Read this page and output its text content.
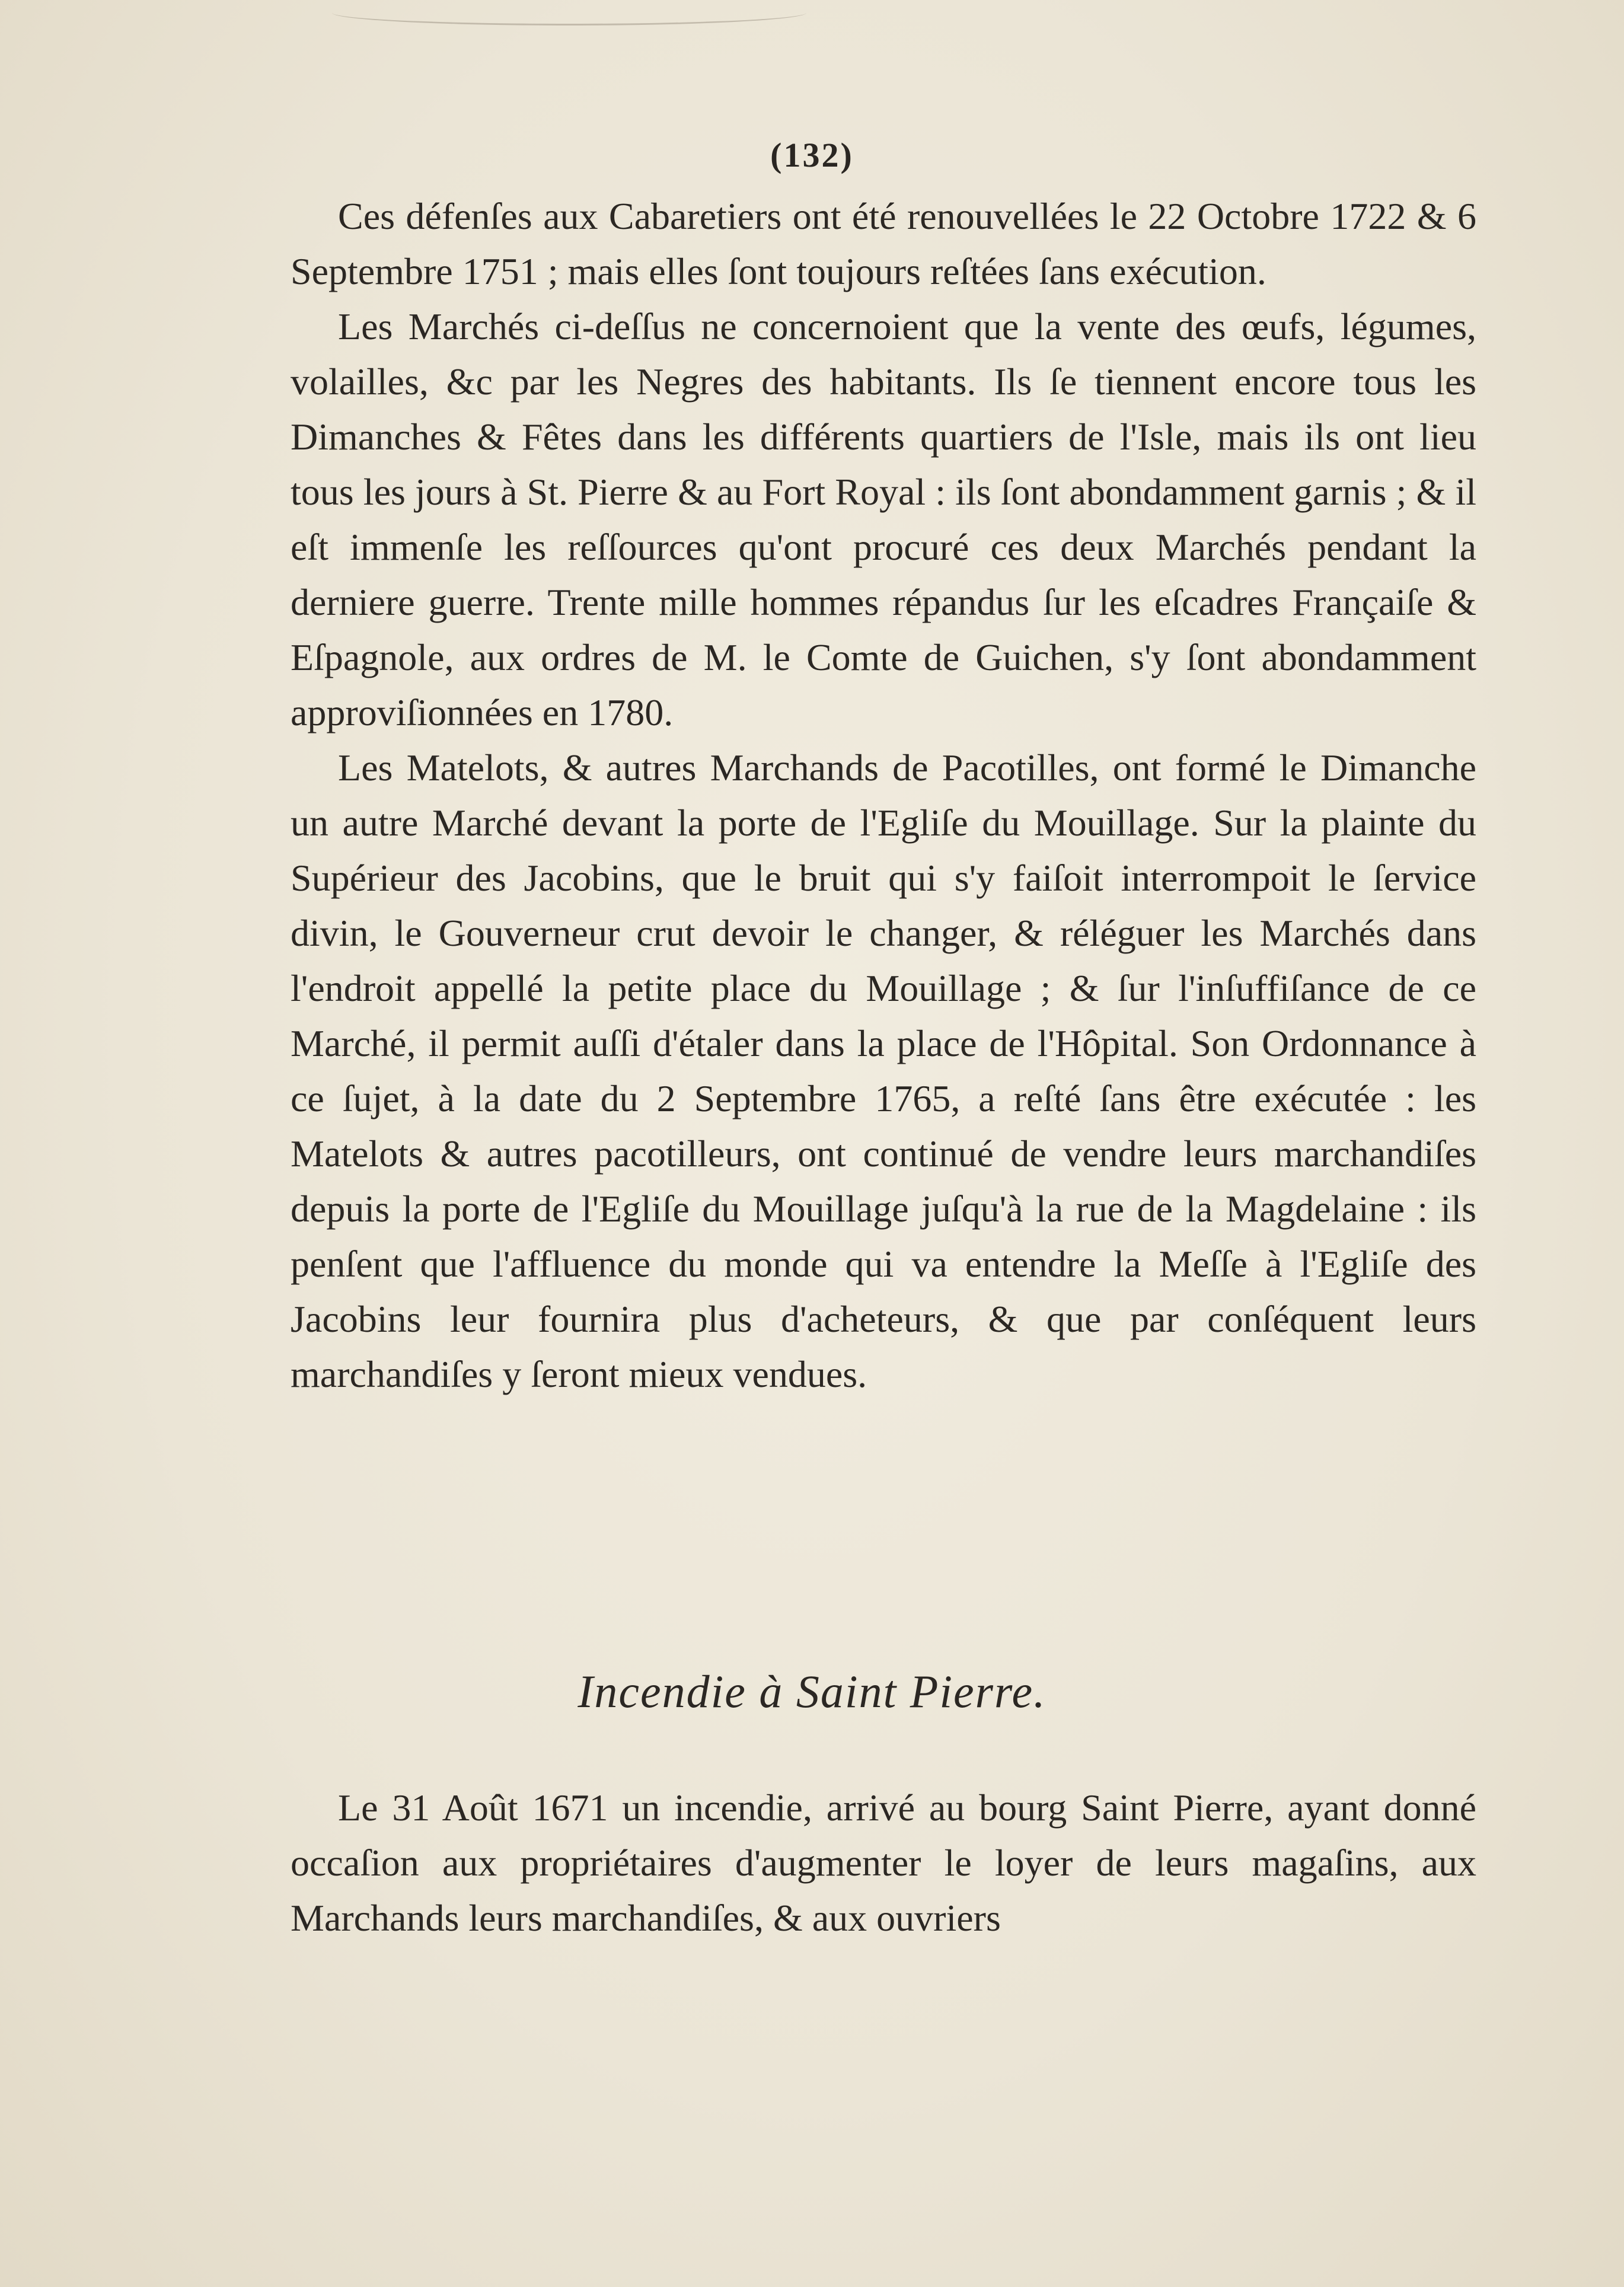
(132)

Ces défenſes aux Cabaretiers ont été renouvellées le 22 Octobre 1722 & 6 Septembre 1751 ; mais elles ſont toujours reſtées ſans exécution.

Les Marchés ci-deſſus ne concernoient que la vente des œufs, légumes, volailles, &c par les Negres des habitants. Ils ſe tiennent encore tous les Dimanches & Fêtes dans les différents quartiers de l'Isle, mais ils ont lieu tous les jours à St. Pierre & au Fort Royal : ils ſont abondamment garnis ; & il eſt immenſe les reſſources qu'ont procuré ces deux Marchés pendant la derniere guerre. Trente mille hommes répandus ſur les eſcadres Françaiſe & Eſpagnole, aux ordres de M. le Comte de Guichen, s'y ſont abondamment approviſionnées en 1780.

Les Matelots, & autres Marchands de Pacotilles, ont formé le Dimanche un autre Marché devant la porte de l'Egliſe du Mouillage. Sur la plainte du Supérieur des Jacobins, que le bruit qui s'y faiſoit interrompoit le ſervice divin, le Gouverneur crut devoir le changer, & réléguer les Marchés dans l'endroit appellé la petite place du Mouillage ; & ſur l'inſuffiſance de ce Marché, il permit auſſi d'étaler dans la place de l'Hôpital. Son Ordonnance à ce ſujet, à la date du 2 Septembre 1765, a reſté ſans être exécutée : les Matelots & autres pacotilleurs, ont continué de vendre leurs marchandiſes depuis la porte de l'Egliſe du Mouillage juſqu'à la rue de la Magdelaine : ils penſent que l'affluence du monde qui va entendre la Meſſe à l'Egliſe des Jacobins leur fournira plus d'acheteurs, & que par conſéquent leurs marchandiſes y ſeront mieux vendues.

Incendie à Saint Pierre.

Le 31 Août 1671 un incendie, arrivé au bourg Saint Pierre, ayant donné occaſion aux propriétaires d'augmenter le loyer de leurs magaſins, aux Marchands leurs marchandiſes, & aux ouvriers
